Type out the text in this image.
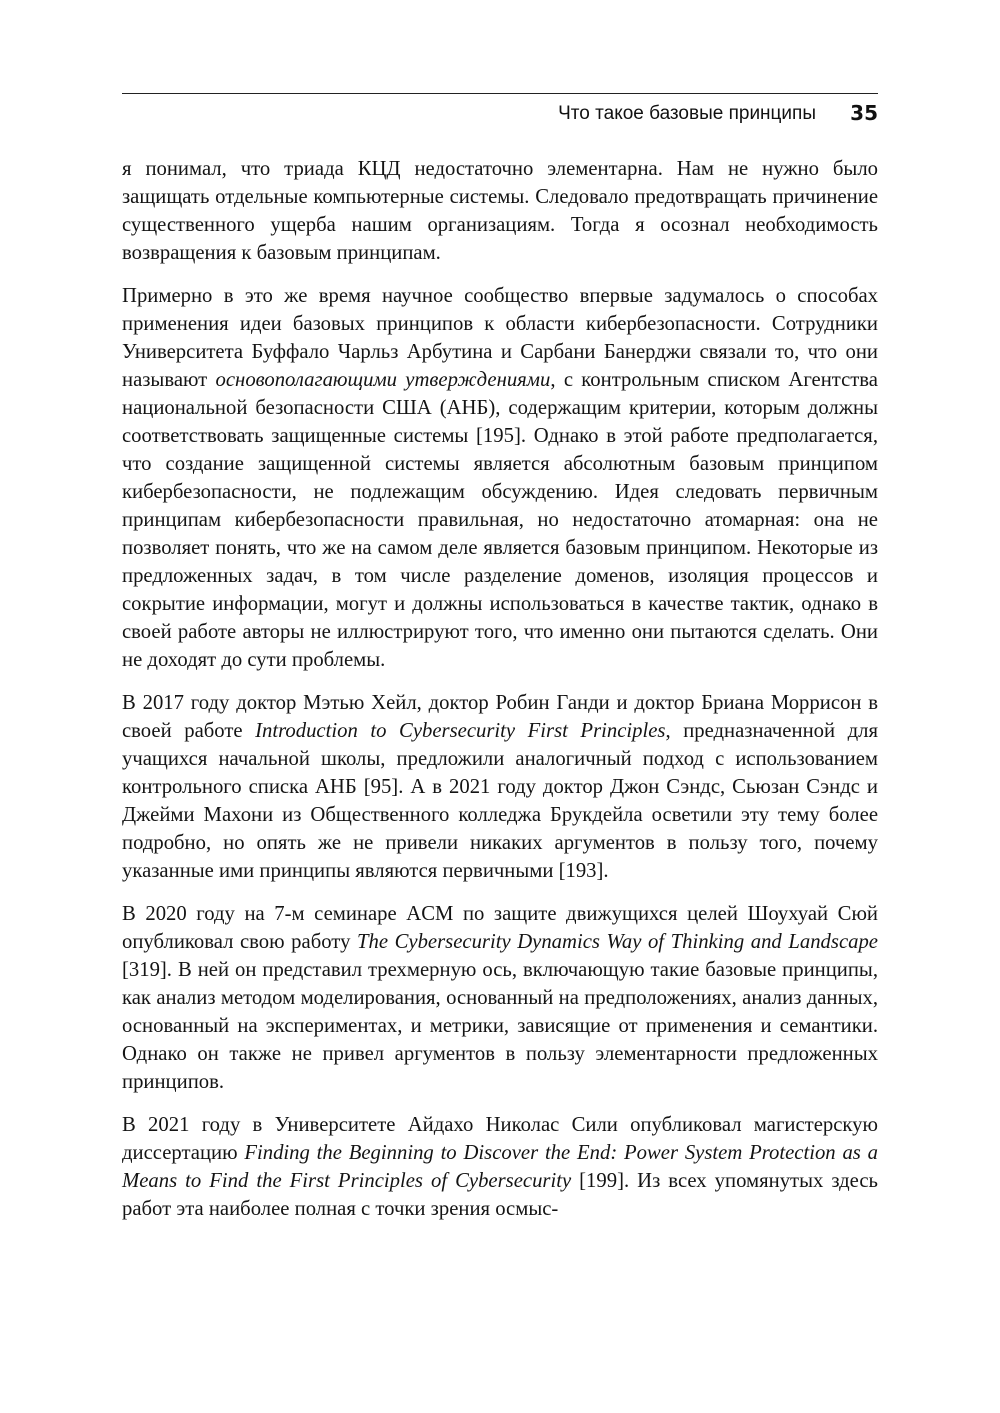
Что такое базовые принципы 35

я понимал, что триада КЦД недостаточно элементарна. Нам не нужно было защищать отдельные компьютерные системы. Следовало предотвращать причинение существенного ущерба нашим организациям. Тогда я осознал необходимость возвращения к базовым принципам.

Примерно в это же время научное сообщество впервые задумалось о способах применения идеи базовых принципов к области кибербезопасности. Сотрудники Университета Буффало Чарльз Арбутина и Сарбани Банерджи связали то, что они называют основополагающими утверждениями, с контрольным списком Агентства национальной безопасности США (АНБ), содержащим критерии, которым должны соответствовать защищенные системы [195]. Однако в этой работе предполагается, что создание защищенной системы является абсолютным базовым принципом кибербезопасности, не подлежащим обсуждению. Идея следовать первичным принципам кибербезопасности правильная, но недостаточно атомарная: она не позволяет понять, что же на самом деле является базовым принципом. Некоторые из предложенных задач, в том числе разделение доменов, изоляция процессов и сокрытие информации, могут и должны использоваться в качестве тактик, однако в своей работе авторы не иллюстрируют того, что именно они пытаются сделать. Они не доходят до сути проблемы.

В 2017 году доктор Мэтью Хейл, доктор Робин Ганди и доктор Бриана Моррисон в своей работе Introduction to Cybersecurity First Principles, предназначенной для учащихся начальной школы, предложили аналогичный подход с использованием контрольного списка АНБ [95]. А в 2021 году доктор Джон Сэндс, Сьюзан Сэндс и Джейми Махони из Общественного колледжа Брукдейла осветили эту тему более подробно, но опять же не привели никаких аргументов в пользу того, почему указанные ими принципы являются первичными [193].

В 2020 году на 7-м семинаре ACM по защите движущихся целей Шоухуай Сюй опубликовал свою работу The Cybersecurity Dynamics Way of Thinking and Landscape [319]. В ней он представил трехмерную ось, включающую такие базовые принципы, как анализ методом моделирования, основанный на предположениях, анализ данных, основанный на экспериментах, и метрики, зависящие от применения и семантики. Однако он также не привел аргументов в пользу элементарности предложенных принципов.

В 2021 году в Университете Айдахо Николас Сили опубликовал магистерскую диссертацию Finding the Beginning to Discover the End: Power System Protection as a Means to Find the First Principles of Cybersecurity [199]. Из всех упомянутых здесь работ эта наиболее полная с точки зрения осмыс-
